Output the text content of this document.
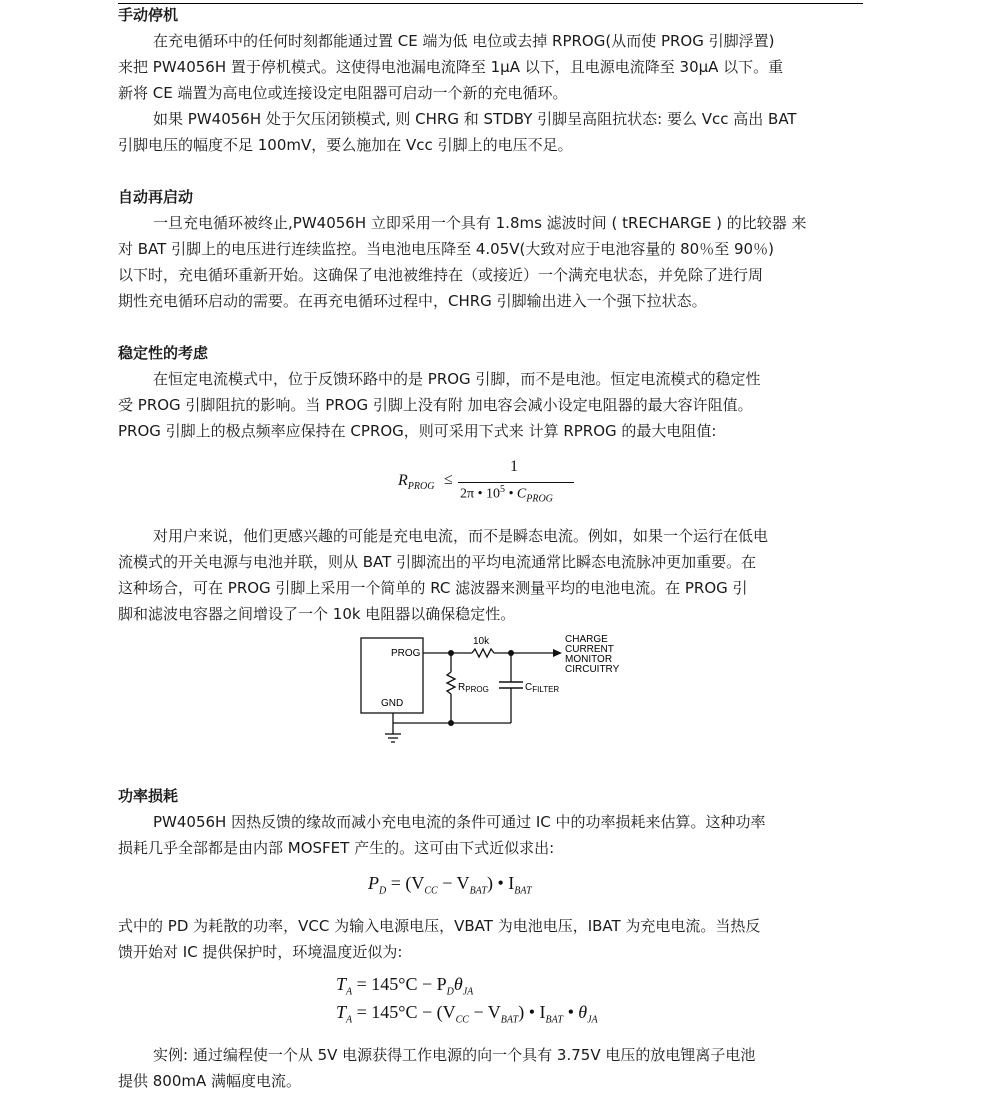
手动停机
在充电循环中的任何时刻都能通过置 CE 端为低 电位或去掉 RPROG(从而使 PROG 引脚浮置)
来把 PW4056H 置于停机模式。这使得电池漏电流降至 1μA 以下，且电源电流降至 30μA 以下。重
新将 CE 端置为高电位或连接设定电阻器可启动一个新的充电循环。
如果 PW4056H 处于欠压闭锁模式, 则 CHRG 和 STDBY 引脚呈高阻抗状态: 要么 Vcc 高出 BAT
引脚电压的幅度不足 100mV，要么施加在 Vcc 引脚上的电压不足。
自动再启动
一旦充电循环被终止,PW4056H 立即采用一个具有 1.8ms 滤波时间 ( tRECHARGE ) 的比较器 来
对 BAT 引脚上的电压进行连续监控。当电池电压降至 4.05V(大致对应于电池容量的 80％至 90％)
以下时，充电循环重新开始。这确保了电池被维持在（或接近）一个满充电状态，并免除了进行周
期性充电循环启动的需要。在再充电循环过程中，CHRG 引脚输出进入一个强下拉状态。
稳定性的考虑
在恒定电流模式中，位于反馈环路中的是 PROG 引脚，而不是电池。恒定电流模式的稳定性
受 PROG 引脚阻抗的影响。当 PROG 引脚上没有附 加电容会减小设定电阻器的最大容许阻值。
PROG 引脚上的极点频率应保持在 CPROG，则可采用下式来 计算 RPROG 的最大电阻值:
$R_{PROG}$ ≤
1
2π • $10^5$ • $C_{PROG}$
对用户来说，他们更感兴趣的可能是充电电流，而不是瞬态电流。例如，如果一个运行在低电
流模式的开关电源与电池并联，则从 BAT 引脚流出的平均电流通常比瞬态电流脉冲更加重要。在
这种场合，可在 PROG 引脚上采用一个简单的 RC 滤波器来测量平均的电池电流。在 PROG 引
脚和滤波电容器之间增设了一个 10k 电阻器以确保稳定性。
PROG
GND
10k
$R_{PROG}$	$C_{FILTER}$
CHARGE
CURRENT
MONITOR
CIRCUITRY
功率损耗
PW4056H 因热反馈的缘故而减小充电电流的条件可通过 IC 中的功率损耗来估算。这种功率
损耗几乎全部都是由内部 MOSFET 产生的。这可由下式近似求出:
$P_D = (V_{CC} - V_{BAT})$ • $I_{BAT}$
式中的 PD 为耗散的功率，VCC 为输入电源电压，VBAT 为电池电压，IBAT 为充电电流。当热反
馈开始对 IC 提供保护时，环境温度近似为:
$T_A = 145^\circ C - P_D\theta_{JA}$
$T_A = 145^\circ C - (V_{CC} - V_{BAT})$ • $I_{BAT}$ • $\theta_{JA}$
实例: 通过编程使一个从 5V 电源获得工作电源的向一个具有 3.75V 电压的放电锂离子电池
提供 800mA 满幅度电流。
